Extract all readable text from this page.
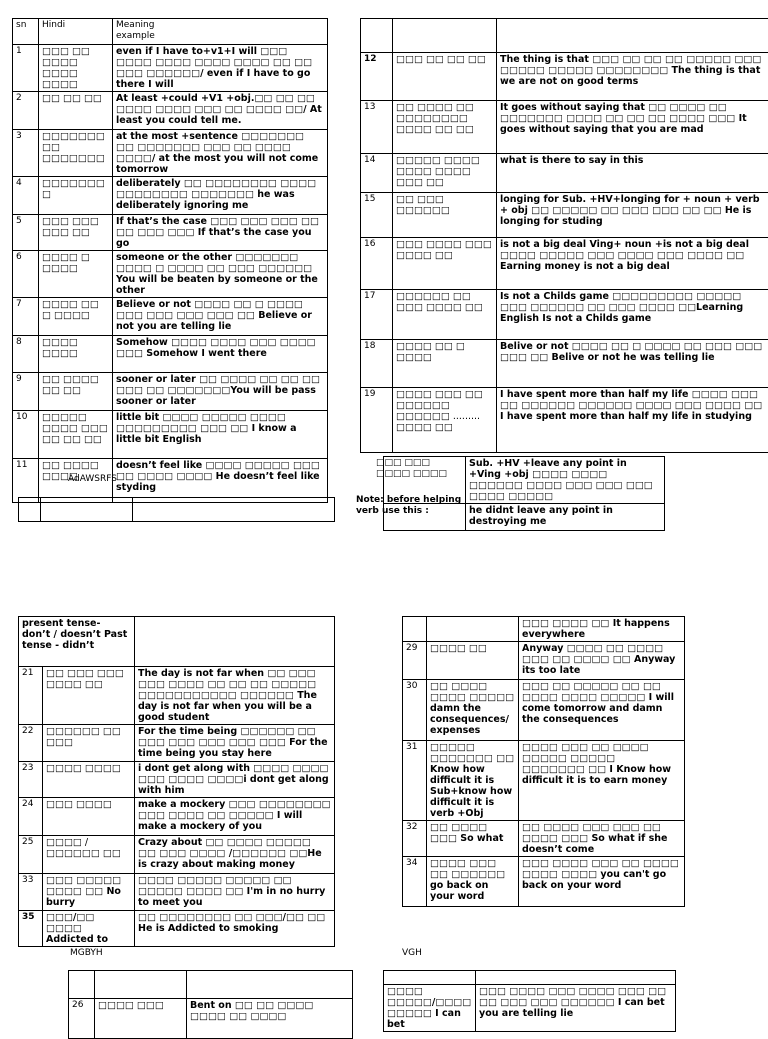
sn	Hindi	Meaning
example
1	□□□ □□ □□□□ □□□□ □□□□	even if I have to+v1+I will □□□ □□□□ □□□□ □□□□ □□□□ □□ □□ □□□ □□□□□□/ even if I have to go there I will
2	□□ □□ □□	At least +could +V1 +obj.□□ □□ □□ □□□□ □□□□ □□□ □□ □□□□ □□/ At least you could tell me.
3	□□□□□□□ □□ □□□□□□□	at the most +sentence □□□□□□□ □□ □□□□□□□ □□□ □□ □□□□ □□□□/ at the most you will not come tomorrow
4	□□□□□□□□	deliberately □□ □□□□□□□□ □□□□ □□□□□□□□ □□□□□□□ he was deliberately ignoring me
5	□□□ □□□ □□□ □□	If that’s the case □□□ □□□ □□□ □□ □□ □□□ □□□ If that’s the case you go
6	□□□□ □ □□□□	someone or the other □□□□□□□ □□□□ □ □□□□ □□ □□□ □□□□□□ You will be beaten by someone or the other
7	□□□□ □□ □ □□□□	Believe or not □□□□ □□ □ □□□□ □□□ □□□ □□□ □□□ □□ Believe or not you are telling lie
8	□□□□ □□□□	Somehow □□□□ □□□□ □□□ □□□□ □□□ Somehow I went there
9	□□ □□□□ □□ □□	sooner or later □□ □□□□ □□ □□ □□ □□□ □□ □□□□□□□You will be pass sooner or later
10	□□□□□ □□□□ □□□ □□ □□ □□	little bit □□□□ □□□□□ □□□□ □□□□□□□□□ □□□ □□ I know a little bit English
11	□□ □□□□ □□□□	doesn’t feel like □□□□ □□□□□ □□□ □□ □□□□ □□□□ He doesn’t feel like styding
AdAWSRFS

12	□□□ □□ □□ □□	The thing is that □□□ □□ □□ □□ □□□□□ □□□ □□□□□ □□□□□ □□□□□□□□ The thing is that we are not on good terms
13	□□ □□□□ □□ □□□□□□□□ □□□□ □□ □□	It goes without saying that □□ □□□□ □□ □□□□□□□ □□□□ □□ □□ □□ □□□□ □□□ It goes without saying that you are mad
14	□□□□□ □□□□ □□□□ □□□□ □□□ □□	what is there to say in this
15	□□ □□□ □□□□□□	longing for Sub. +HV+longing for + noun + verb + obj □□ □□□□□ □□ □□□ □□□ □□ □□ He is longing for studing
16	□□□ □□□□ □□□ □□□□ □□	is not a big deal Ving+ noun +is not a big deal □□□□ □□□□□ □□□ □□□□ □□□ □□□□ □□ Earning money is not a big deal
17	□□□□□□ □□ □□□ □□□□ □□	Is not a Childs game □□□□□□□□□ □□□□□ □□□ □□□□□□ □□ □□□ □□□□ □□Learning English Is not a Childs game
18	□□□□ □□ □ □□□□	Belive or not □□□□ □□ □ □□□□ □□ □□□ □□□ □□□ □□ Belive or not he was telling lie
19	□□□□ □□□ □□ □□□□□□ □□□□□□ ......... □□□□ □□	I have spent more than half my life □□□□ □□□ □□ □□□□□□ □□□□□□ □□□□ □□□ □□□□ □□ I have spent more than half my life in studying
□□□ □□□ □□□□ □□□□
	Sub. +HV +leave any point in +Ving +obj □□□□ □□□□ □□□□□□ □□□□ □□□ □□□ □□□ □□□□ □□□□□
	he didnt leave any point in destroying me
Note: before helping verb use this :
present tense- don’t / doesn’t Past tense - didn’t		
21	□□ □□□ □□□ □□□□ □□	The day is not far when □□ □□□ □□□ □□□□ □□ □□ □□ □□□□□ □□□□□□□□□□□ □□□□□□ The day is not far when you will be a good student
22	□□□□□□ □□ □□□	For the time being □□□□□□ □□ □□□ □□□ □□□ □□□ □□□ For the time being you stay here
23	□□□□ □□□□	i dont get along with □□□□ □□□□ □□□ □□□□ □□□□i dont get along with him
24	□□□ □□□□	make a mockery □□□ □□□□□□□□ □□□ □□□□ □□ □□□□□ I will make a mockery of you
25	□□□□ /□□□□□□ □□	Crazy about □□ □□□□ □□□□□ □□ □□□ □□□□ /□□□□□□ □□He is crazy about making money
33	□□□ □□□□□ □□□□ □□ No burry	□□□□ □□□□□ □□□□□ □□ □□□□□ □□□□ □□ I'm in no hurry to meet you
35	□□□/□□ □□□□ Addicted to	□□ □□□□□□□□ □□ □□□/□□ □□ He is Addicted to smoking
		□□□ □□□□ □□ It happens everywhere
29	□□□□ □□	Anyway □□□□ □□ □□□□ □□□ □□ □□□□ □□ Anyway its too late
30	□□ □□□□ □□□□ □□□□□ damn the consequences/ expenses	□□□ □□ □□□□□ □□ □□ □□□□ □□□□ □□□□□ I will come tomorrow and damn the consequences
31	□□□□□ □□□□□□□ □□ Know how difficult it is Sub+know how difficult it is verb +Obj	□□□□ □□□ □□ □□□□ □□□□□ □□□□□ □□□□□□□ □□ I Know how difficult it is to earn money
32	□□ □□□□ □□□ So what	□□ □□□□ □□□ □□□ □□ □□□□ □□□ So what if she doesn’t come
34	□□□□ □□□ □□ □□□□□□ go back on your word	□□□ □□□□ □□□ □□ □□□□ □□□□ □□□□ you can't go back on your word
MGBYH	VGH

26	□□□□ □□□	Bent on □□ □□ □□□□ □□□□ □□ □□□□

□□□□ □□□□□/□□□□ □□□□□ I can bet	□□□ □□□□ □□□ □□□□ □□□ □□ □□ □□□ □□□ □□□□□□ I can bet you are telling lie
